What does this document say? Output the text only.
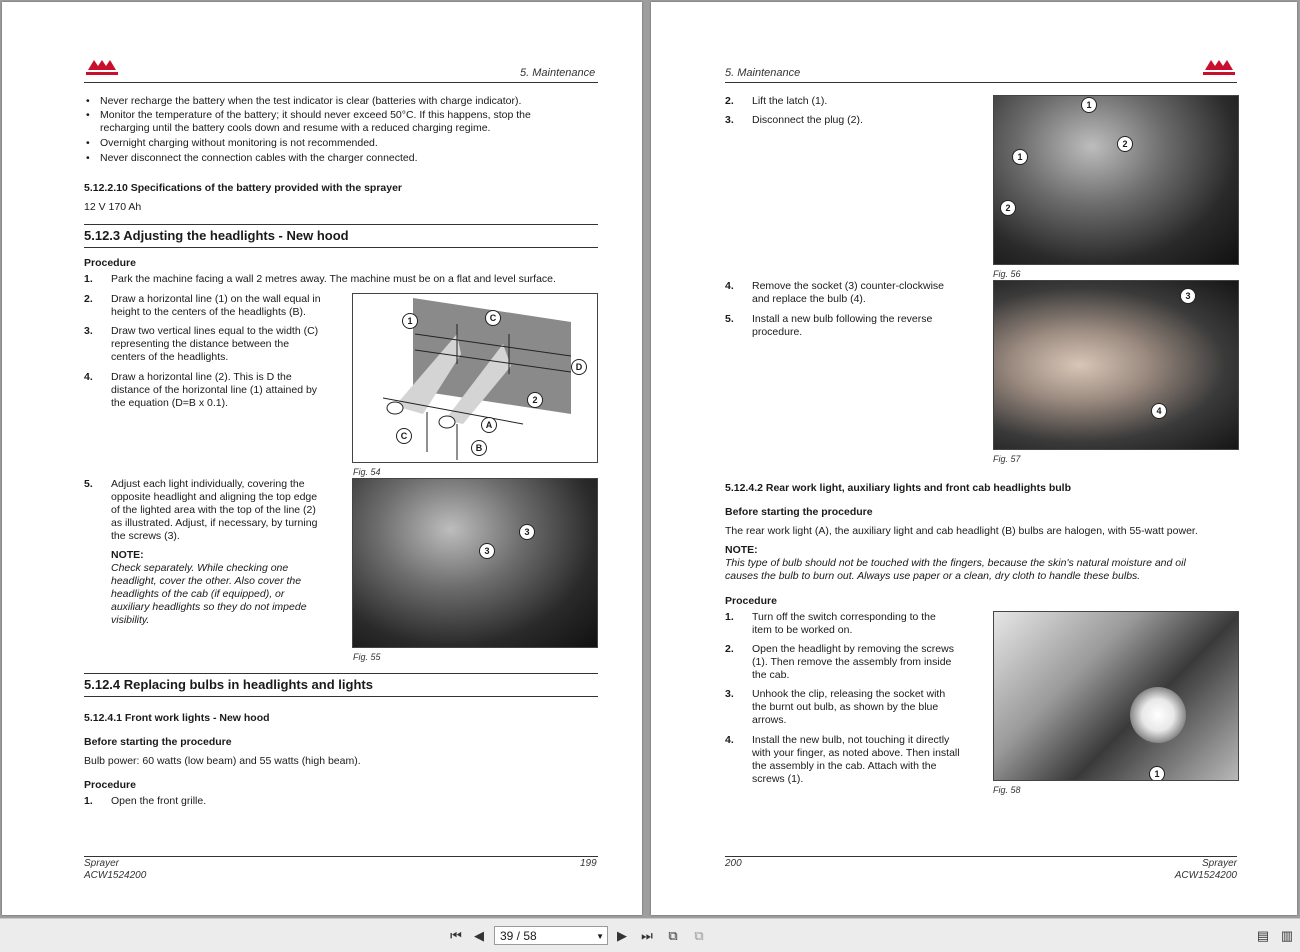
5. Maintenance
• Never recharge the battery when the test indicator is clear (batteries with charge indicator).
• Monitor the temperature of the battery; it should never exceed 50°C. If this happens, stop the
recharging until the battery cools down and resume with a reduced charging regime.
• Overnight charging without monitoring is not recommended.
• Never disconnect the connection cables with the charger connected.
5.12.2.10 Specifications of the battery provided with the sprayer
12 V 170 Ah
5.12.3 Adjusting the headlights - New hood
Procedure
1. Park the machine facing a wall 2 metres away. The machine must be on a flat and level surface.
2. Draw a horizontal line (1) on the wall equal in
height to the centers of the headlights (B).
3. Draw two vertical lines equal to the width (C)
representing the distance between the
centers of the headlights.
4. Draw a horizontal line (2). This is D the
distance of the horizontal line (1) attained by
the equation (D=B x 0.1).
1	C
D
2
A
C
B
Fig. 54
5. Adjust each light individually, covering the
opposite headlight and aligning the top edge
of the lighted area with the top of the line (2)
as illustrated. Adjust, if necessary, by turning
the screws (3).
NOTE:
Check separately. While checking one
headlight, cover the other. Also cover the
headlights of the cab (if equipped), or
auxiliary headlights so they do not impede
visibility.
3
3
Fig. 55
5.12.4 Replacing bulbs in headlights and lights
5.12.4.1 Front work lights - New hood
Before starting the procedure
Bulb power: 60 watts (low beam) and 55 watts (high beam).
Procedure
1. Open the front grille.
Sprayer
ACW1524200
199
5. Maintenance
2. Lift the latch (1).
3. Disconnect the plug (2).
1
2
1
2
Fig. 56
4. Remove the socket (3) counter-clockwise
and replace the bulb (4).
5. Install a new bulb following the reverse
procedure.
3
4
Fig. 57
5.12.4.2 Rear work light, auxiliary lights and front cab headlights bulb
Before starting the procedure
The rear work light (A), the auxiliary light and cab headlight (B) bulbs are halogen, with 55-watt power.
NOTE:
This type of bulb should not be touched with the fingers, because the skin's natural moisture and oil
causes the bulb to burn out. Always use paper or a clean, dry cloth to handle these bulbs.
Procedure
1. Turn off the switch corresponding to the
item to be worked on.
2. Open the headlight by removing the screws
(1). Then remove the assembly from inside
the cab.
3. Unhook the clip, releasing the socket with
the burnt out bulb, as shown by the blue
arrows.
4. Install the new bulb, not touching it directly
with your finger, as noted above. Then install
the assembly in the cab. Attach with the
screws (1).	1
Fig. 58
200	Sprayer
ACW1524200
⏮ ◀	39 / 58	▼	▶	⏭	⧉	⧉	▤ ▥
